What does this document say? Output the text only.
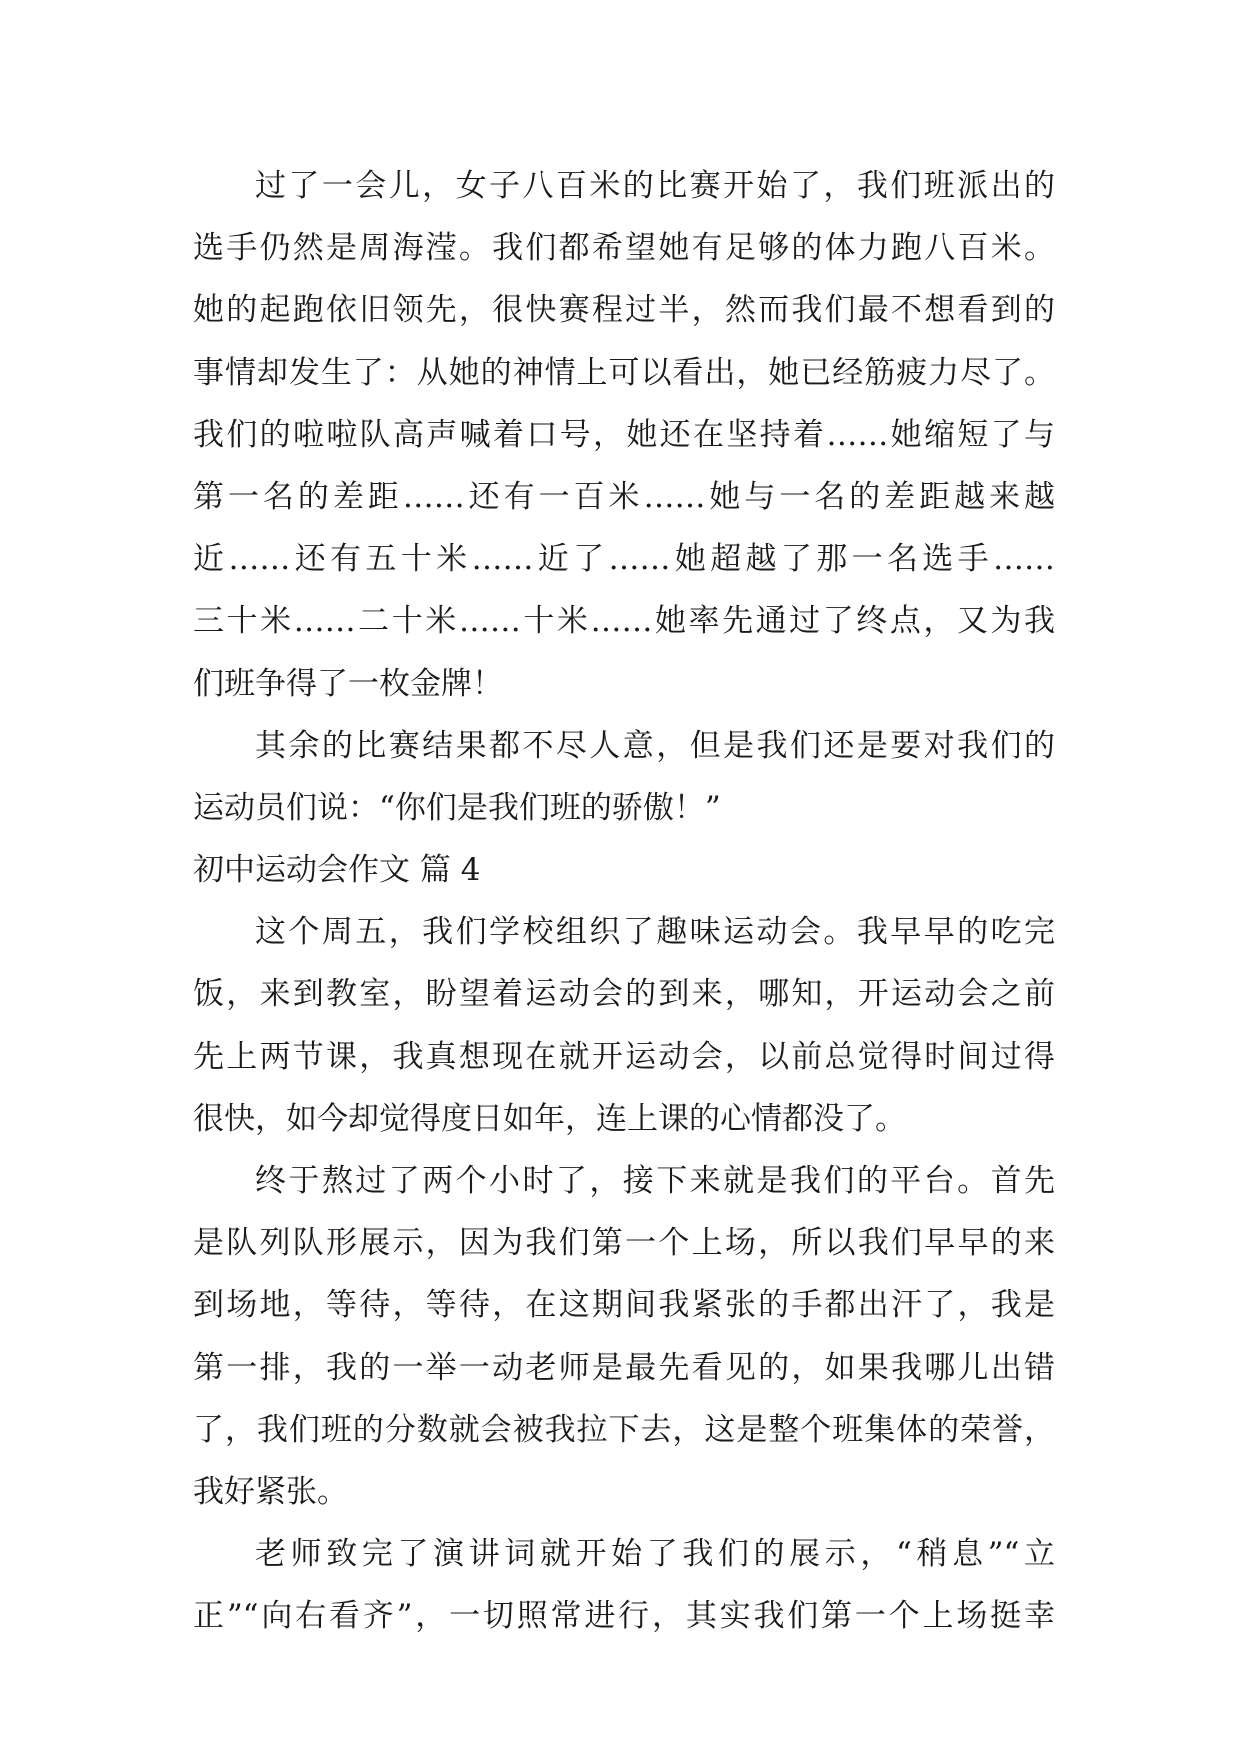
过了一会儿，女子八百米的比赛开始了，我们班派出的
选手仍然是周海滢。我们都希望她有足够的体力跑八百米。
她的起跑依旧领先，很快赛程过半，然而我们最不想看到的
事情却发生了：从她的神情上可以看出，她已经筋疲力尽了。
我们的啦啦队高声喊着口号，她还在坚持着……她缩短了与
第一名的差距……还有一百米……她与一名的差距越来越
近……还有五十米……近了……她超越了那一名选手……
三十米……二十米……十米……她率先通过了终点，又为我
们班争得了一枚金牌！
其余的比赛结果都不尽人意，但是我们还是要对我们的
运动员们说：“你们是我们班的骄傲！”
初中运动会作文 篇 4
这个周五，我们学校组织了趣味运动会。我早早的吃完
饭，来到教室，盼望着运动会的到来，哪知，开运动会之前
先上两节课，我真想现在就开运动会，以前总觉得时间过得
很快，如今却觉得度日如年，连上课的心情都没了。
终于熬过了两个小时了，接下来就是我们的平台。首先
是队列队形展示，因为我们第一个上场，所以我们早早的来
到场地，等待，等待，在这期间我紧张的手都出汗了，我是
第一排，我的一举一动老师是最先看见的，如果我哪儿出错
了，我们班的分数就会被我拉下去，这是整个班集体的荣誉，
我好紧张。
老师致完了演讲词就开始了我们的展示，“稍息”“立
正”“向右看齐”，一切照常进行，其实我们第一个上场挺幸
